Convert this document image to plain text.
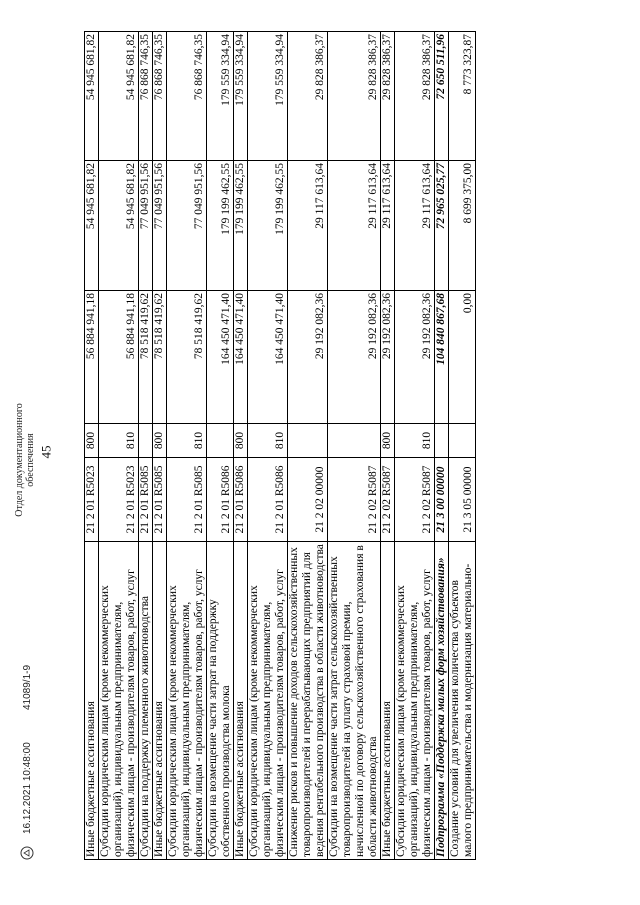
45
Иные бюджетные ассигнования	21 2 01 R5023	800	56 884 941,18	54 945 681,82	54 945 681,82
Субсидии юридическим лицам (кроме некоммерческих организаций), индивидуальным предпринимателям, физическим лицам - производителям товаров, работ, услуг	21 2 01 R5023	810	56 884 941,18	54 945 681,82	54 945 681,82
Субсидии на поддержку племенного животноводства	21 2 01 R5085		78 518 419,62	77 049 951,56	76 868 746,35
Иные бюджетные ассигнования	21 2 01 R5085	800	78 518 419,62	77 049 951,56	76 868 746,35
Субсидии юридическим лицам (кроме некоммерческих организаций), индивидуальным предпринимателям, физическим лицам - производителям товаров, работ, услуг	21 2 01 R5085	810	78 518 419,62	77 049 951,56	76 868 746,35
Субсидии на возмещение части затрат на поддержку собственного производства молока	21 2 01 R5086		164 450 471,40	179 199 462,55	179 559 334,94
Иные бюджетные ассигнования	21 2 01 R5086	800	164 450 471,40	179 199 462,55	179 559 334,94
Субсидии юридическим лицам (кроме некоммерческих организаций), индивидуальным предпринимателям, физическим лицам - производителям товаров, работ, услуг	21 2 01 R5086	810	164 450 471,40	179 199 462,55	179 559 334,94
Снижение рисков и повышение доходов сельскохозяйственных товаропроизводителей и перерабатывающих предприятий для ведения рентабельного производства в области животноводства	21 2 02 00000		29 192 082,36	29 117 613,64	29 828 386,37
Субсидии на возмещение части затрат сельскохозяйственных товаропроизводителей на уплату страховой премии, начисленной по договору сельскохозяйственного страхования в области животноводства	21 2 02 R5087		29 192 082,36	29 117 613,64	29 828 386,37
Иные бюджетные ассигнования	21 2 02 R5087	800	29 192 082,36	29 117 613,64	29 828 386,37
Субсидии юридическим лицам (кроме некоммерческих организаций), индивидуальным предпринимателям, физическим лицам - производителям товаров, работ, услуг	21 2 02 R5087	810	29 192 082,36	29 117 613,64	29 828 386,37
Подпрограмма «Поддержка малых форм хозяйствования»	21 3 00 00000		104 840 867,68	72 965 025,77	72 650 511,96
Создание условий для увеличения количества субъектов малого предпринимательства и модернизация материально-	21 3 05 00000		0,00	8 699 375,00	8 773 323,87
16.12.2021 10:48:00
41089/1-9
Отдел документационного обеспечения
